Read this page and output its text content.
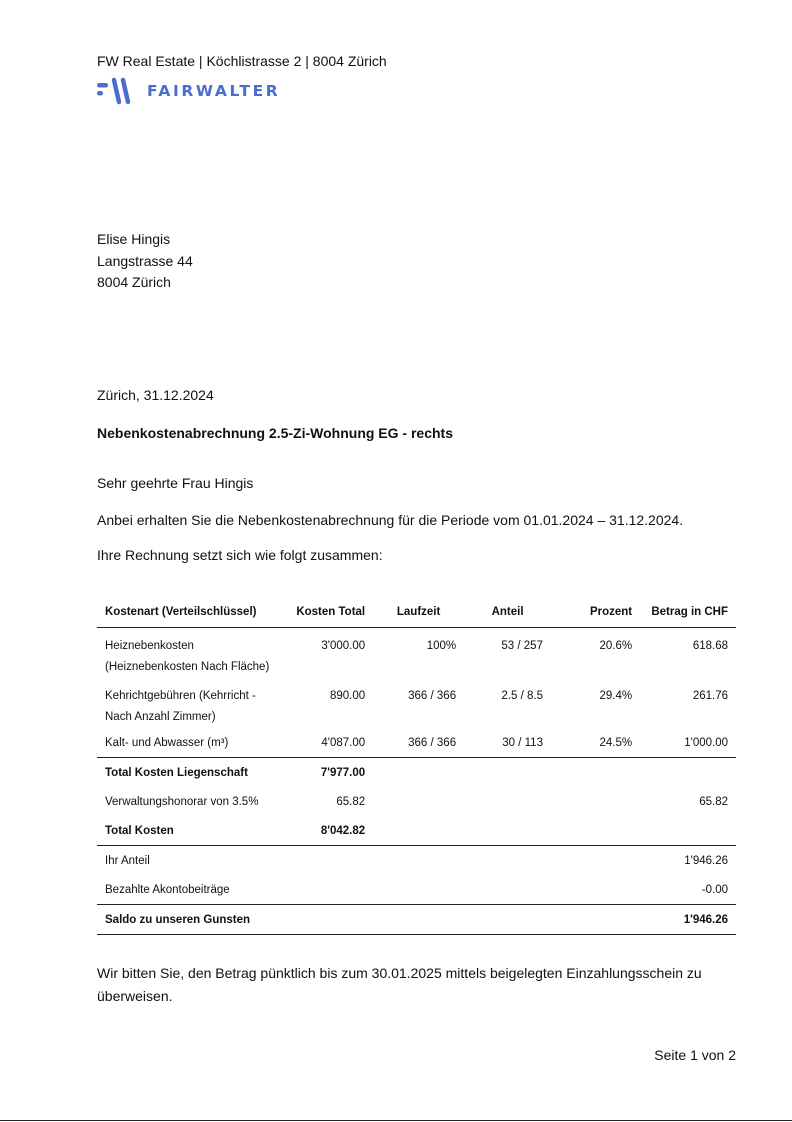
FW Real Estate | Köchlistrasse 2 | 8004 Zürich
FAIRWALTER
Elise Hingis
Langstrasse 44
8004 Zürich
Zürich, 31.12.2024
Nebenkostenabrechnung 2.5-Zi-Wohnung EG - rechts
Sehr geehrte Frau Hingis
Anbei erhalten Sie die Nebenkostenabrechnung für die Periode vom 01.01.2024 – 31.12.2024.
Ihre Rechnung setzt sich wie folgt zusammen:
Kostenart (Verteilschlüssel)	Kosten Total	Laufzeit	Anteil	Prozent	Betrag in CHF
Heiznebenkosten (Heiznebenkosten Nach Fläche)	3'000.00	100%	53 / 257	20.6%	618.68
Kehrichtgebühren (Kehrricht - Nach Anzahl Zimmer)	890.00	366 / 366	2.5 / 8.5	29.4%	261.76
Kalt- und Abwasser (m³)	4'087.00	366 / 366	30 / 113	24.5%	1'000.00
Total Kosten Liegenschaft	7'977.00				
Verwaltungshonorar von 3.5%	65.82				65.82
Total Kosten	8'042.82				
Ihr Anteil					1'946.26
Bezahlte Akontobeiträge					-0.00
Saldo zu unseren Gunsten					1'946.26
Wir bitten Sie, den Betrag pünktlich bis zum 30.01.2025 mittels beigelegten Einzahlungsschein zu überweisen.
Seite 1 von 2
